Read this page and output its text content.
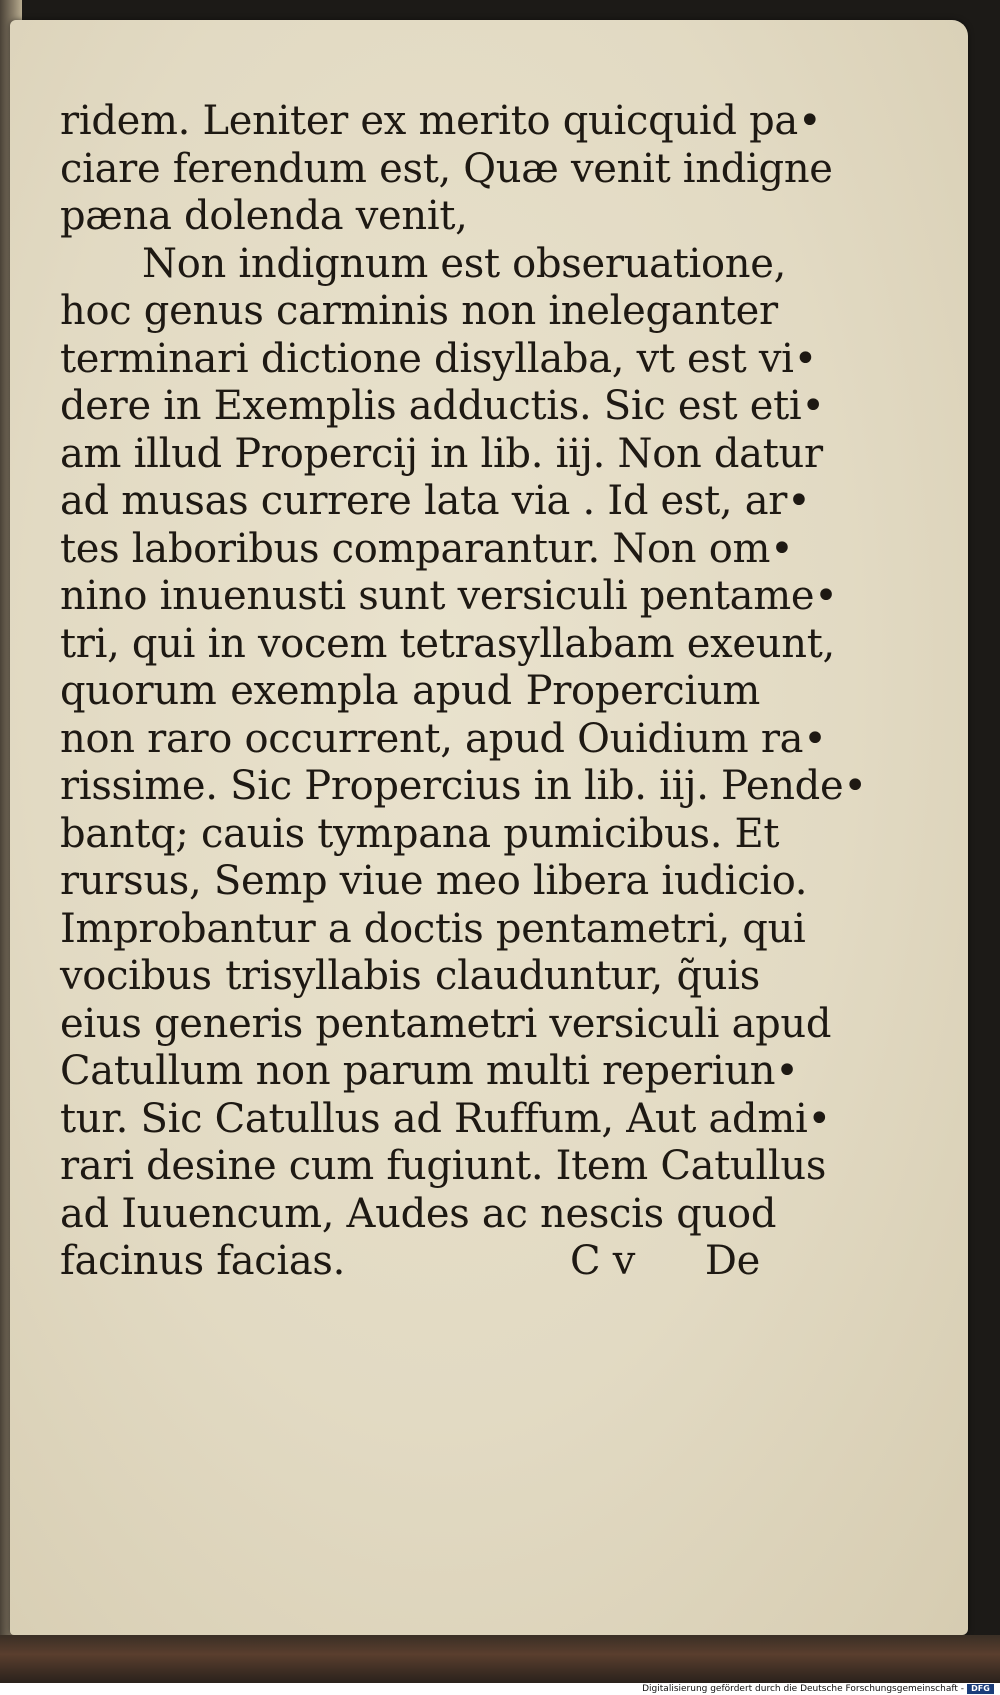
ridem. Leniter ex merito quicquid pa•
ciare ferendum est, Quæ venit indigne
pæna dolenda venit,
Non indignum est obseruatione,
hoc genus carminis non ineleganter
terminari dictione disyllaba, vt est vi•
dere in Exemplis adductis. Sic est eti•
am illud Propercij in lib. iij. Non datur
ad musas currere lata via . Id est, ar•
tes laboribus comparantur. Non om•
nino inuenusti sunt versiculi pentame•
tri, qui in vocem tetrasyllabam exeunt,
quorum exempla apud Propercium
non raro occurrent, apud Ouidium ra•
rissime. Sic Propercius in lib. iij. Pende•
bantq; cauis tympana pumicibus. Et
rursus, Semp viue meo libera iudicio.
Improbantur a doctis pentametri, qui
vocibus trisyllabis clauduntur, q̃uis
eius generis pentametri versiculi apud
Catullum non parum multi reperiun•
tur. Sic Catullus ad Ruffum, Aut admi•
rari desine cum fugiunt. Item Catullus
ad Iuuencum, Audes ac nescis quod
facinus facias.	C v De
Digitalisierung gefördert durch die Deutsche Forschungsgemeinschaft - DFG
